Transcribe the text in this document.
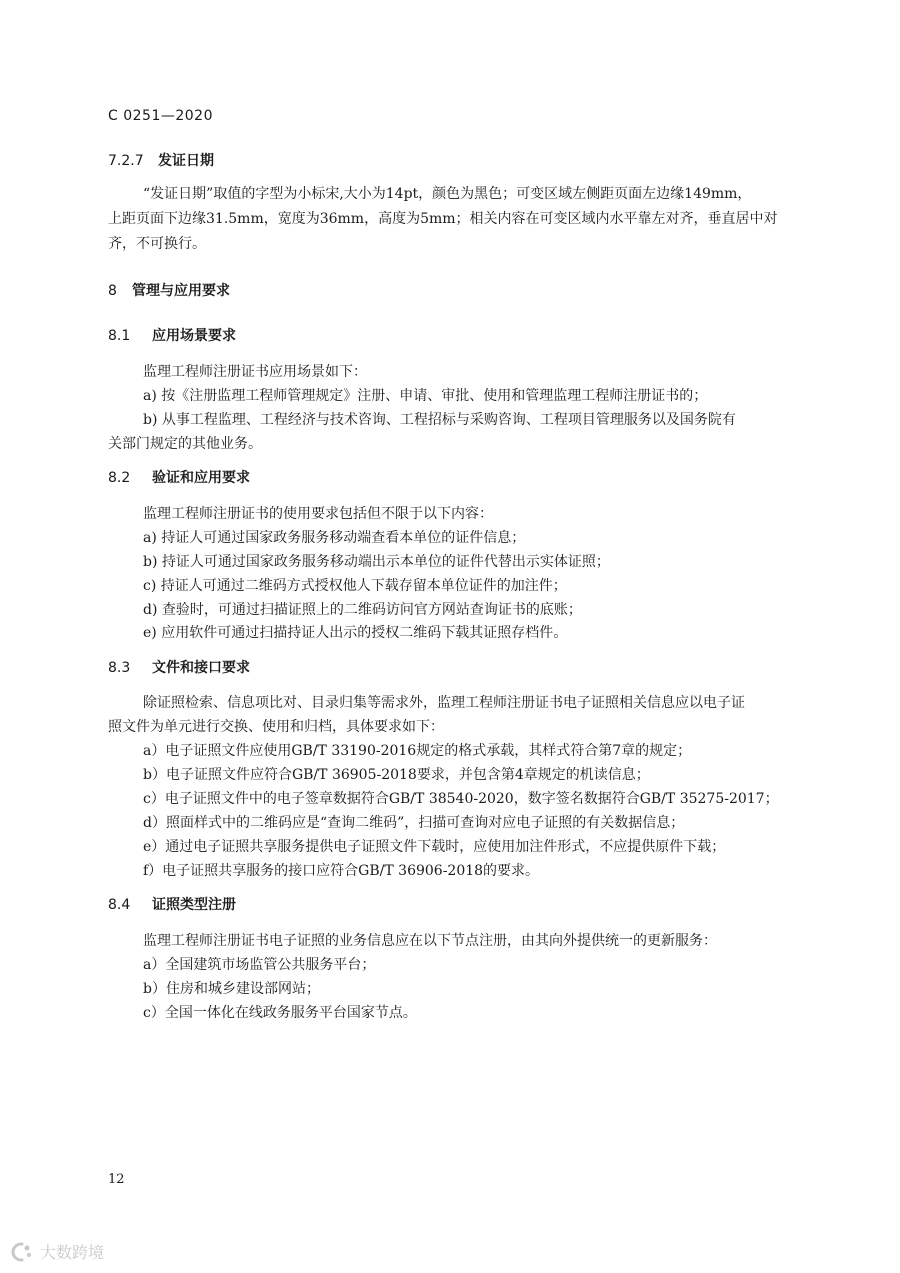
C 0251—2020
7.2.7 发证日期
“发证日期”取值的字型为小标宋,大小为14pt，颜色为黑色；可变区域左侧距页面左边缘149mm，
上距页面下边缘31.5mm，宽度为36mm，高度为5mm；相关内容在可变区域内水平靠左对齐，垂直居中对
齐，不可换行。
8 管理与应用要求
8.1 应用场景要求
监理工程师注册证书应用场景如下：
a) 按《注册监理工程师管理规定》注册、申请、审批、使用和管理监理工程师注册证书的；
b) 从事工程监理、工程经济与技术咨询、工程招标与采购咨询、工程项目管理服务以及国务院有
关部门规定的其他业务。
8.2 验证和应用要求
监理工程师注册证书的使用要求包括但不限于以下内容：
a) 持证人可通过国家政务服务移动端查看本单位的证件信息；
b) 持证人可通过国家政务服务移动端出示本单位的证件代替出示实体证照；
c) 持证人可通过二维码方式授权他人下载存留本单位证件的加注件；
d) 查验时，可通过扫描证照上的二维码访问官方网站查询证书的底账；
e) 应用软件可通过扫描持证人出示的授权二维码下载其证照存档件。
8.3 文件和接口要求
除证照检索、信息项比对、目录归集等需求外，监理工程师注册证书电子证照相关信息应以电子证
照文件为单元进行交换、使用和归档，具体要求如下：
a）电子证照文件应使用GB/T 33190-2016规定的格式承载，其样式符合第7章的规定；
b）电子证照文件应符合GB/T 36905-2018要求，并包含第4章规定的机读信息；
c）电子证照文件中的电子签章数据符合GB/T 38540-2020，数字签名数据符合GB/T 35275-2017；
d）照面样式中的二维码应是“查询二维码”，扫描可查询对应电子证照的有关数据信息；
e）通过电子证照共享服务提供电子证照文件下载时，应使用加注件形式，不应提供原件下载；
f）电子证照共享服务的接口应符合GB/T 36906-2018的要求。
8.4 证照类型注册
监理工程师注册证书电子证照的业务信息应在以下节点注册，由其向外提供统一的更新服务：
a）全国建筑市场监管公共服务平台；
b）住房和城乡建设部网站；
c）全国一体化在线政务服务平台国家节点。
12
大数跨境
